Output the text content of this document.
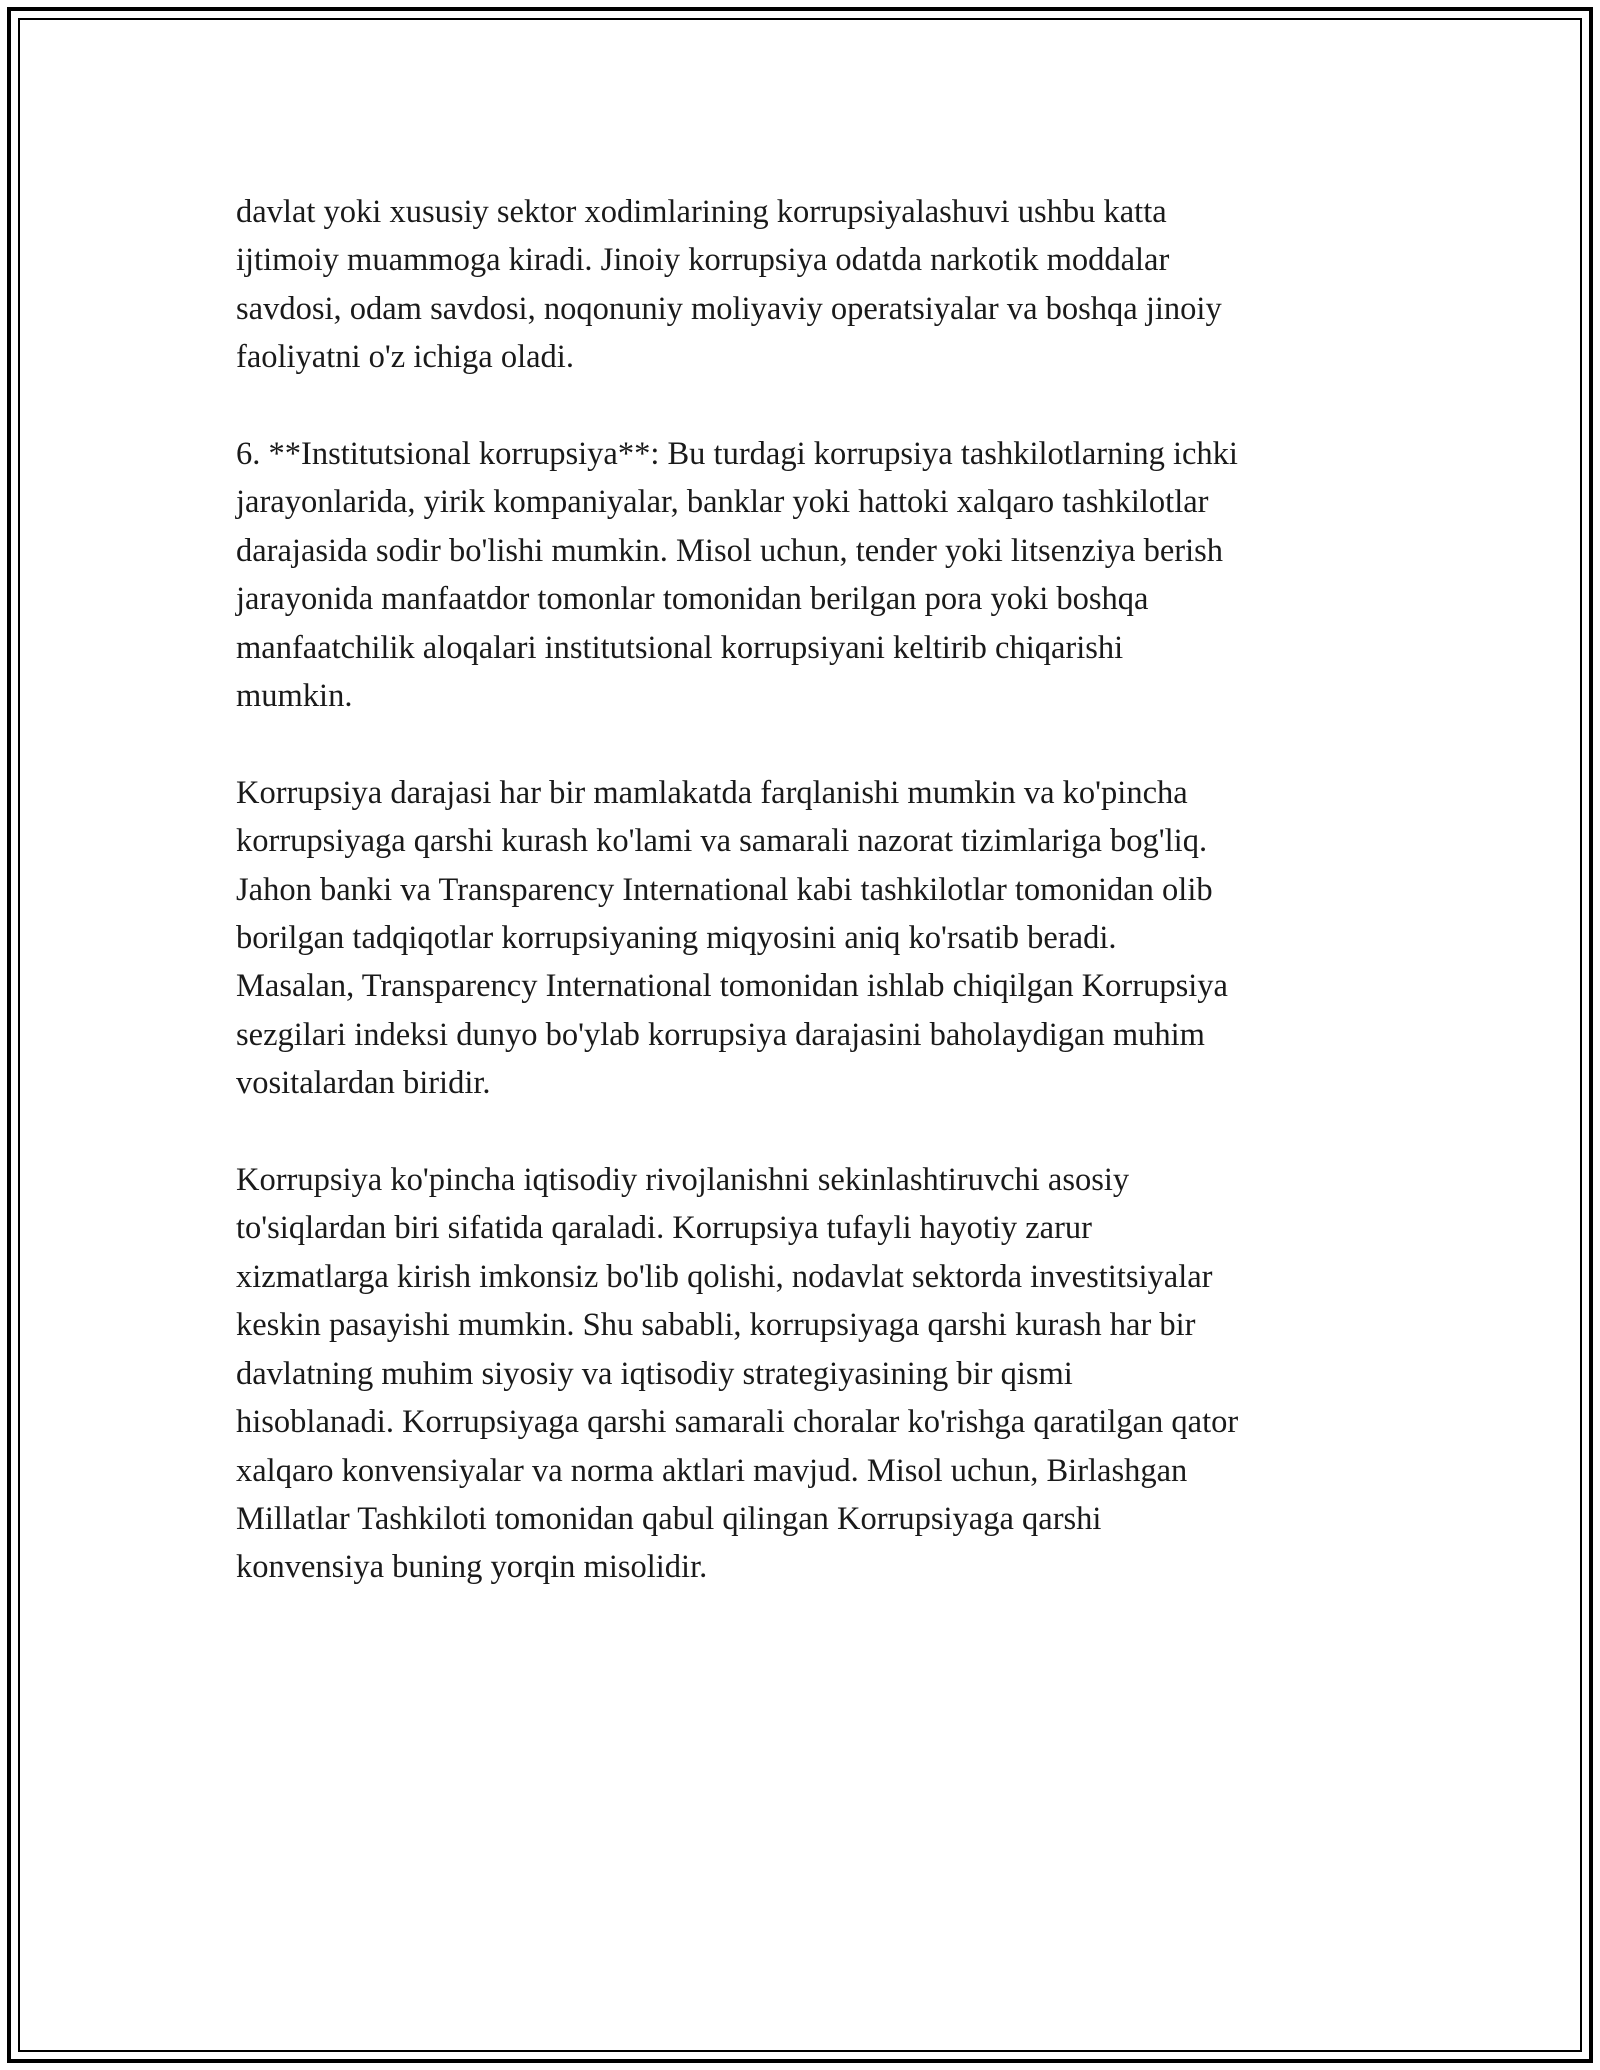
davlat yoki xususiy sektor xodimlarining korrupsiyalashuvi ushbu katta
ijtimoiy muammoga kiradi. Jinoiy korrupsiya odatda narkotik moddalar
savdosi, odam savdosi, noqonuniy moliyaviy operatsiyalar va boshqa jinoiy
faoliyatni o'z ichiga oladi.

6. **Institutsional korrupsiya**: Bu turdagi korrupsiya tashkilotlarning ichki
jarayonlarida, yirik kompaniyalar, banklar yoki hattoki xalqaro tashkilotlar
darajasida sodir bo'lishi mumkin. Misol uchun, tender yoki litsenziya berish
jarayonida manfaatdor tomonlar tomonidan berilgan pora yoki boshqa
manfaatchilik aloqalari institutsional korrupsiyani keltirib chiqarishi
mumkin.

Korrupsiya darajasi har bir mamlakatda farqlanishi mumkin va ko'pincha
korrupsiyaga qarshi kurash ko'lami va samarali nazorat tizimlariga bog'liq.
Jahon banki va Transparency International kabi tashkilotlar tomonidan olib
borilgan tadqiqotlar korrupsiyaning miqyosini aniq ko'rsatib beradi.
Masalan, Transparency International tomonidan ishlab chiqilgan Korrupsiya
sezgilari indeksi dunyo bo'ylab korrupsiya darajasini baholaydigan muhim
vositalardan biridir.

Korrupsiya ko'pincha iqtisodiy rivojlanishni sekinlashtiruvchi asosiy
to'siqlardan biri sifatida qaraladi. Korrupsiya tufayli hayotiy zarur
xizmatlarga kirish imkonsiz bo'lib qolishi, nodavlat sektorda investitsiyalar
keskin pasayishi mumkin. Shu sababli, korrupsiyaga qarshi kurash har bir
davlatning muhim siyosiy va iqtisodiy strategiyasining bir qismi
hisoblanadi. Korrupsiyaga qarshi samarali choralar ko'rishga qaratilgan qator
xalqaro konvensiyalar va norma aktlari mavjud. Misol uchun, Birlashgan
Millatlar Tashkiloti tomonidan qabul qilingan Korrupsiyaga qarshi
konvensiya buning yorqin misolidir.
